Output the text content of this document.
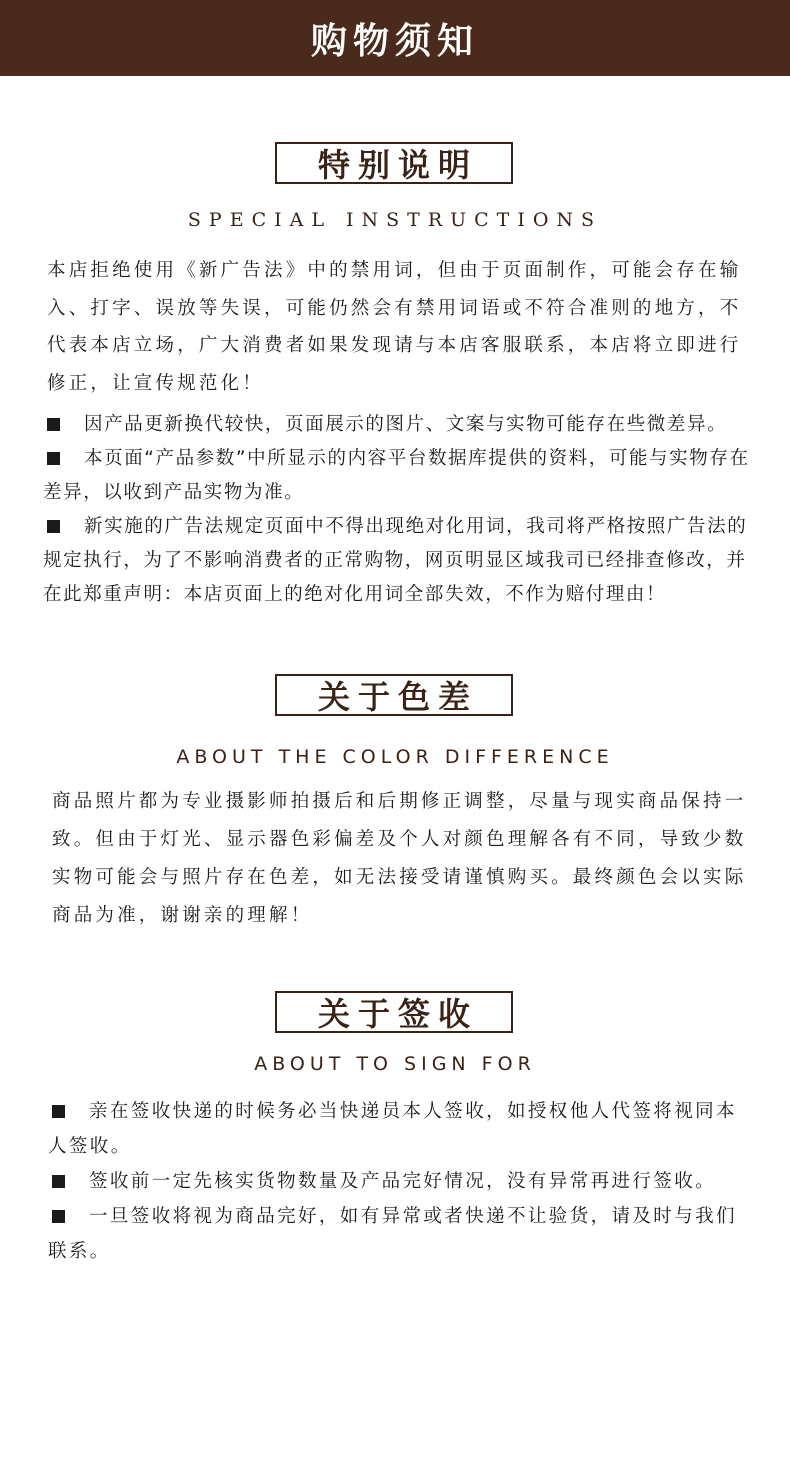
购物须知
特别说明
SPECIAL INSTRUCTIONS

本店拒绝使用《新广告法》中的禁用词，但由于页面制作，可能会存在输入、打字、误放等失误，可能仍然会有禁用词语或不符合准则的地方，不代表本店立场，广大消费者如果发现请与本店客服联系，本店将立即进行修正，让宣传规范化！

因产品更新换代较快，页面展示的图片、文案与实物可能存在些微差异。
本页面“产品参数”中所显示的内容平台数据库提供的资料，可能与实物存在差异，以收到产品实物为准。
新实施的广告法规定页面中不得出现绝对化用词，我司将严格按照广告法的规定执行，为了不影响消费者的正常购物，网页明显区域我司已经排查修改，并在此郑重声明：本店页面上的绝对化用词全部失效，不作为赔付理由！
关于色差
ABOUT THE COLOR DIFFERENCE

商品照片都为专业摄影师拍摄后和后期修正调整，尽量与现实商品保持一致。但由于灯光、显示器色彩偏差及个人对颜色理解各有不同，导致少数实物可能会与照片存在色差，如无法接受请谨慎购买。最终颜色会以实际商品为准，谢谢亲的理解！

关于签收
ABOUT TO SIGN FOR
亲在签收快递的时候务必当快递员本人签收，如授权他人代签将视同本人签收。
签收前一定先核实货物数量及产品完好情况，没有异常再进行签收。
一旦签收将视为商品完好，如有异常或者快递不让验货，请及时与我们联系。
